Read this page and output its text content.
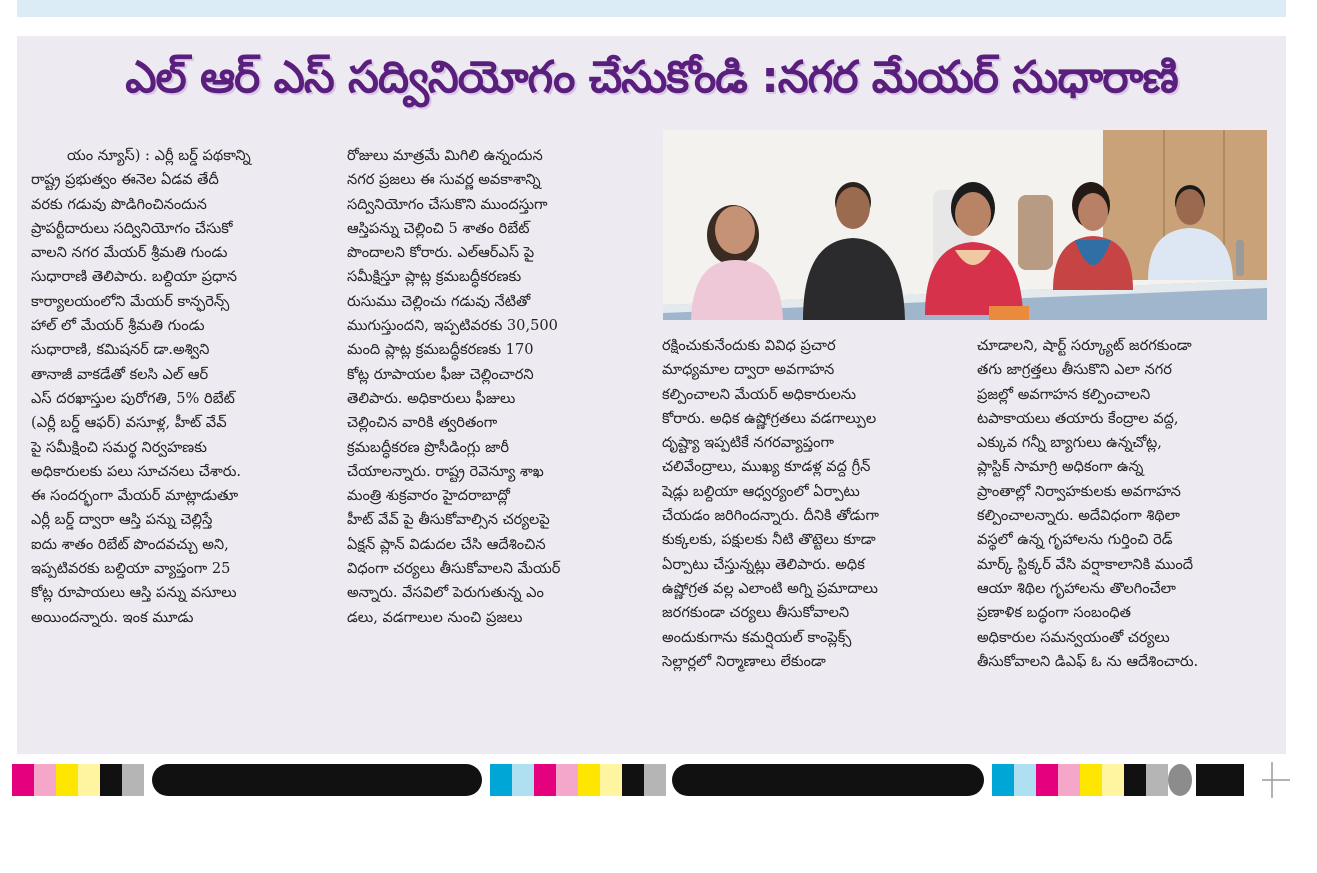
ఎల్ ఆర్ ఎస్ సద్వినియోగం చేసుకోండి :నగర మేయర్ సుధారాణి

యం న్యూస్) : ఎర్లీ బర్డ్ పథకాన్ని

రాష్ట్ర ప్రభుత్వం ఈనెల ఏడవ తేదీ

వరకు గడువు పొడిగించినందున

ప్రాపర్టీదారులు సద్వినియోగం చేసుకో

వాలని నగర మేయర్ శ్రీమతి గుండు

సుధారాణి తెలిపారు. బల్దియా ప్రధాన

కార్యాలయంలోని మేయర్ కాన్ఫరెన్స్

హాల్ లో మేయర్ శ్రీమతి గుండు

సుధారాణి, కమిషనర్ డా.అశ్విని

తానాజీ వాకడేతో కలసి ఎల్ ఆర్

ఎస్ దరఖాస్తుల పురోగతి, 5% రిబేట్

(ఎర్లీ బర్డ్ ఆఫర్) వసూళ్ల, హీట్ వేవ్

పై సమీక్షించి సమర్థ నిర్వహణకు

అధికారులకు పలు సూచనలు చేశారు.

ఈ సందర్భంగా మేయర్ మాట్లాడుతూ

ఎర్లీ బర్డ్ ద్వారా ఆస్తి పన్ను చెల్లిస్తే

ఐదు శాతం రిబేట్ పొందవచ్చు అని,

ఇప్పటివరకు బల్దియా వ్యాప్తంగా 25

కోట్ల రూపాయలు ఆస్తి పన్ను వసూలు

అయిందన్నారు. ఇంక మూడు

రోజులు మాత్రమే మిగిలి ఉన్నందున

నగర ప్రజలు ఈ సువర్ణ అవకాశాన్ని

సద్వినియోగం చేసుకొని ముందస్తుగా

ఆస్తిపన్ను చెల్లించి 5 శాతం రిబేట్

పొందాలని కోరారు. ఎల్ఆర్ఎస్ పై

సమీక్షిస్తూ ప్లాట్ల క్రమబద్ధీకరణకు

రుసుము చెల్లించు గడువు నేటితో

ముగుస్తుందని, ఇప్పటివరకు 30,500

మంది ప్లాట్ల క్రమబద్ధీకరణకు 170

కోట్ల రూపాయల ఫీజు చెల్లించారని

తెలిపారు. అధికారులు ఫీజులు

చెల్లించిన వారికి త్వరితంగా

క్రమబద్ధీకరణ ప్రొసీడింగ్లు జారీ

చేయాలన్నారు. రాష్ట్ర రెవెన్యూ శాఖ

మంత్రి శుక్రవారం హైదరాబాద్లో

హీట్ వేవ్ పై తీసుకోవాల్సిన చర్యలపై

ఏక్షన్ ప్లాన్ విడుదల చేసి ఆదేశించిన

విధంగా చర్యలు తీసుకోవాలని మేయర్

అన్నారు. వేసవిలో పెరుగుతున్న ఎం

డలు, వడగాలుల నుంచి ప్రజలు

రక్షించుకునేందుకు వివిధ ప్రచార

మాధ్యమాల ద్వారా అవగాహన

కల్పించాలని మేయర్ అధికారులను

కోరారు. అధిక ఉష్ణోగ్రతలు వడగాల్పుల

దృష్ట్యా ఇప్పటికే నగరవ్యాప్తంగా

చలివేంద్రాలు, ముఖ్య కూడళ్ల వద్ద గ్రీన్

షెడ్లు బల్దియా ఆధ్వర్యంలో ఏర్పాటు

చేయడం జరిగిందన్నారు. దీనికి తోడుగా

కుక్కలకు, పక్షులకు నీటి తొట్టెలు కూడా

ఏర్పాటు చేస్తున్నట్లు తెలిపారు. అధిక

ఉష్ణోగ్రత వల్ల ఎలాంటి అగ్ని ప్రమాదాలు

జరగకుండా చర్యలు తీసుకోవాలని

అందుకుగాను కమర్షియల్ కాంప్లెక్స్

సెల్లార్లలో నిర్మాణాలు లేకుండా

చూడాలని, షార్ట్ సర్క్యూట్ జరగకుండా

తగు జాగ్రత్తలు తీసుకొని ఎలా నగర

ప్రజల్లో అవగాహన కల్పించాలని

టపాకాయలు తయారు కేంద్రాల వద్ద,

ఎక్కువ గన్నీ బ్యాగులు ఉన్నచోట్ల,

ప్లాస్టిక్ సామాగ్రి అధికంగా ఉన్న

ప్రాంతాల్లో నిర్వాహకులకు అవగాహన

కల్పించాలన్నారు. అదేవిధంగా శిథిలా

వస్థలో ఉన్న గృహాలను గుర్తించి రెడ్

మార్క్ స్టిక్కర్ వేసి వర్షాకాలానికి ముందే

ఆయా శిథిల గృహాలను తొలగించేలా

ప్రణాళిక బద్ధంగా సంబంధిత

అధికారుల సమన్వయంతో చర్యలు

తీసుకోవాలని డిఎఫ్ ఓ ను ఆదేశించారు.
